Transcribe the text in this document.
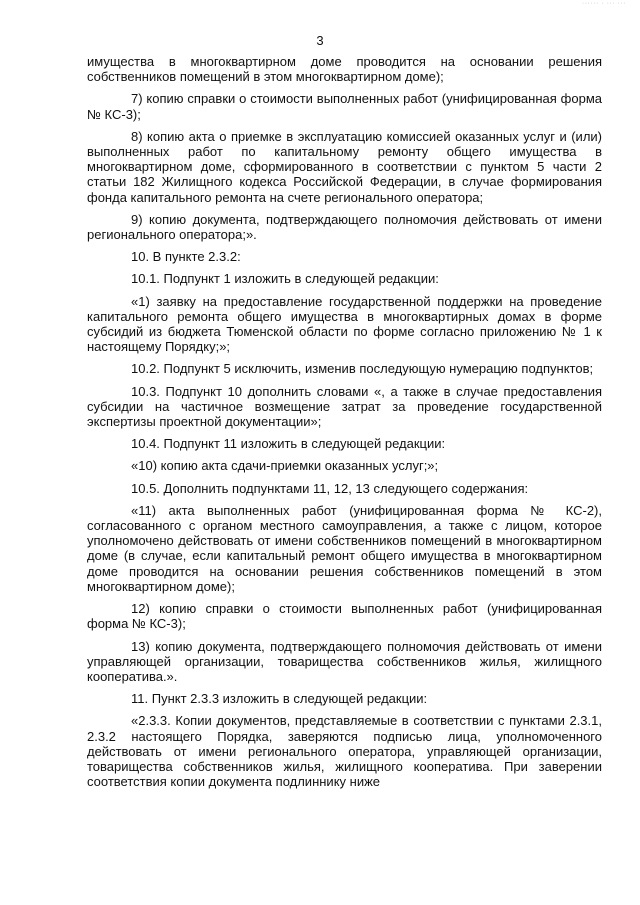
······ · ··· ···
3

имущества в многоквартирном доме проводится на основании решения собственников помещений в этом многоквартирном доме);

7) копию справки о стоимости выполненных работ (унифицированная форма № КС-3);

8) копию акта о приемке в эксплуатацию комиссией оказанных услуг и (или) выполненных работ по капитальному ремонту общего имущества в многоквартирном доме, сформированного в соответствии с пунктом 5 части 2 статьи 182 Жилищного кодекса Российской Федерации, в случае формирования фонда капитального ремонта на счете регионального оператора;

9) копию документа, подтверждающего полномочия действовать от имени регионального оператора;».

10. В пункте 2.3.2:

10.1. Подпункт 1 изложить в следующей редакции:

«1) заявку на предоставление государственной поддержки на проведение капитального ремонта общего имущества в многоквартирных домах в форме субсидий из бюджета Тюменской области по форме согласно приложению № 1 к настоящему Порядку;»;

10.2. Подпункт 5 исключить, изменив последующую нумерацию подпунктов;

10.3. Подпункт 10 дополнить словами «, а также в случае предоставления субсидии на частичное возмещение затрат за проведение государственной экспертизы проектной документации»;

10.4. Подпункт 11 изложить в следующей редакции:

«10) копию акта сдачи-приемки оказанных услуг;»;

10.5. Дополнить подпунктами 11, 12, 13 следующего содержания:

«11) акта выполненных работ (унифицированная форма № КС-2), согласованного с органом местного самоуправления, а также с лицом, которое уполномочено действовать от имени собственников помещений в многоквартирном доме (в случае, если капитальный ремонт общего имущества в многоквартирном доме проводится на основании решения собственников помещений в этом многоквартирном доме);

12) копию справки о стоимости выполненных работ (унифицированная форма № КС-3);

13) копию документа, подтверждающего полномочия действовать от имени управляющей организации, товарищества собственников жилья, жилищного кооператива.».

11. Пункт 2.3.3 изложить в следующей редакции:

«2.3.3. Копии документов, представляемые в соответствии с пунктами 2.3.1, 2.3.2 настоящего Порядка, заверяются подписью лица, уполномоченного действовать от имени регионального оператора, управляющей организации, товарищества собственников жилья, жилищного кооператива. При заверении соответствия копии документа подлиннику ниже
